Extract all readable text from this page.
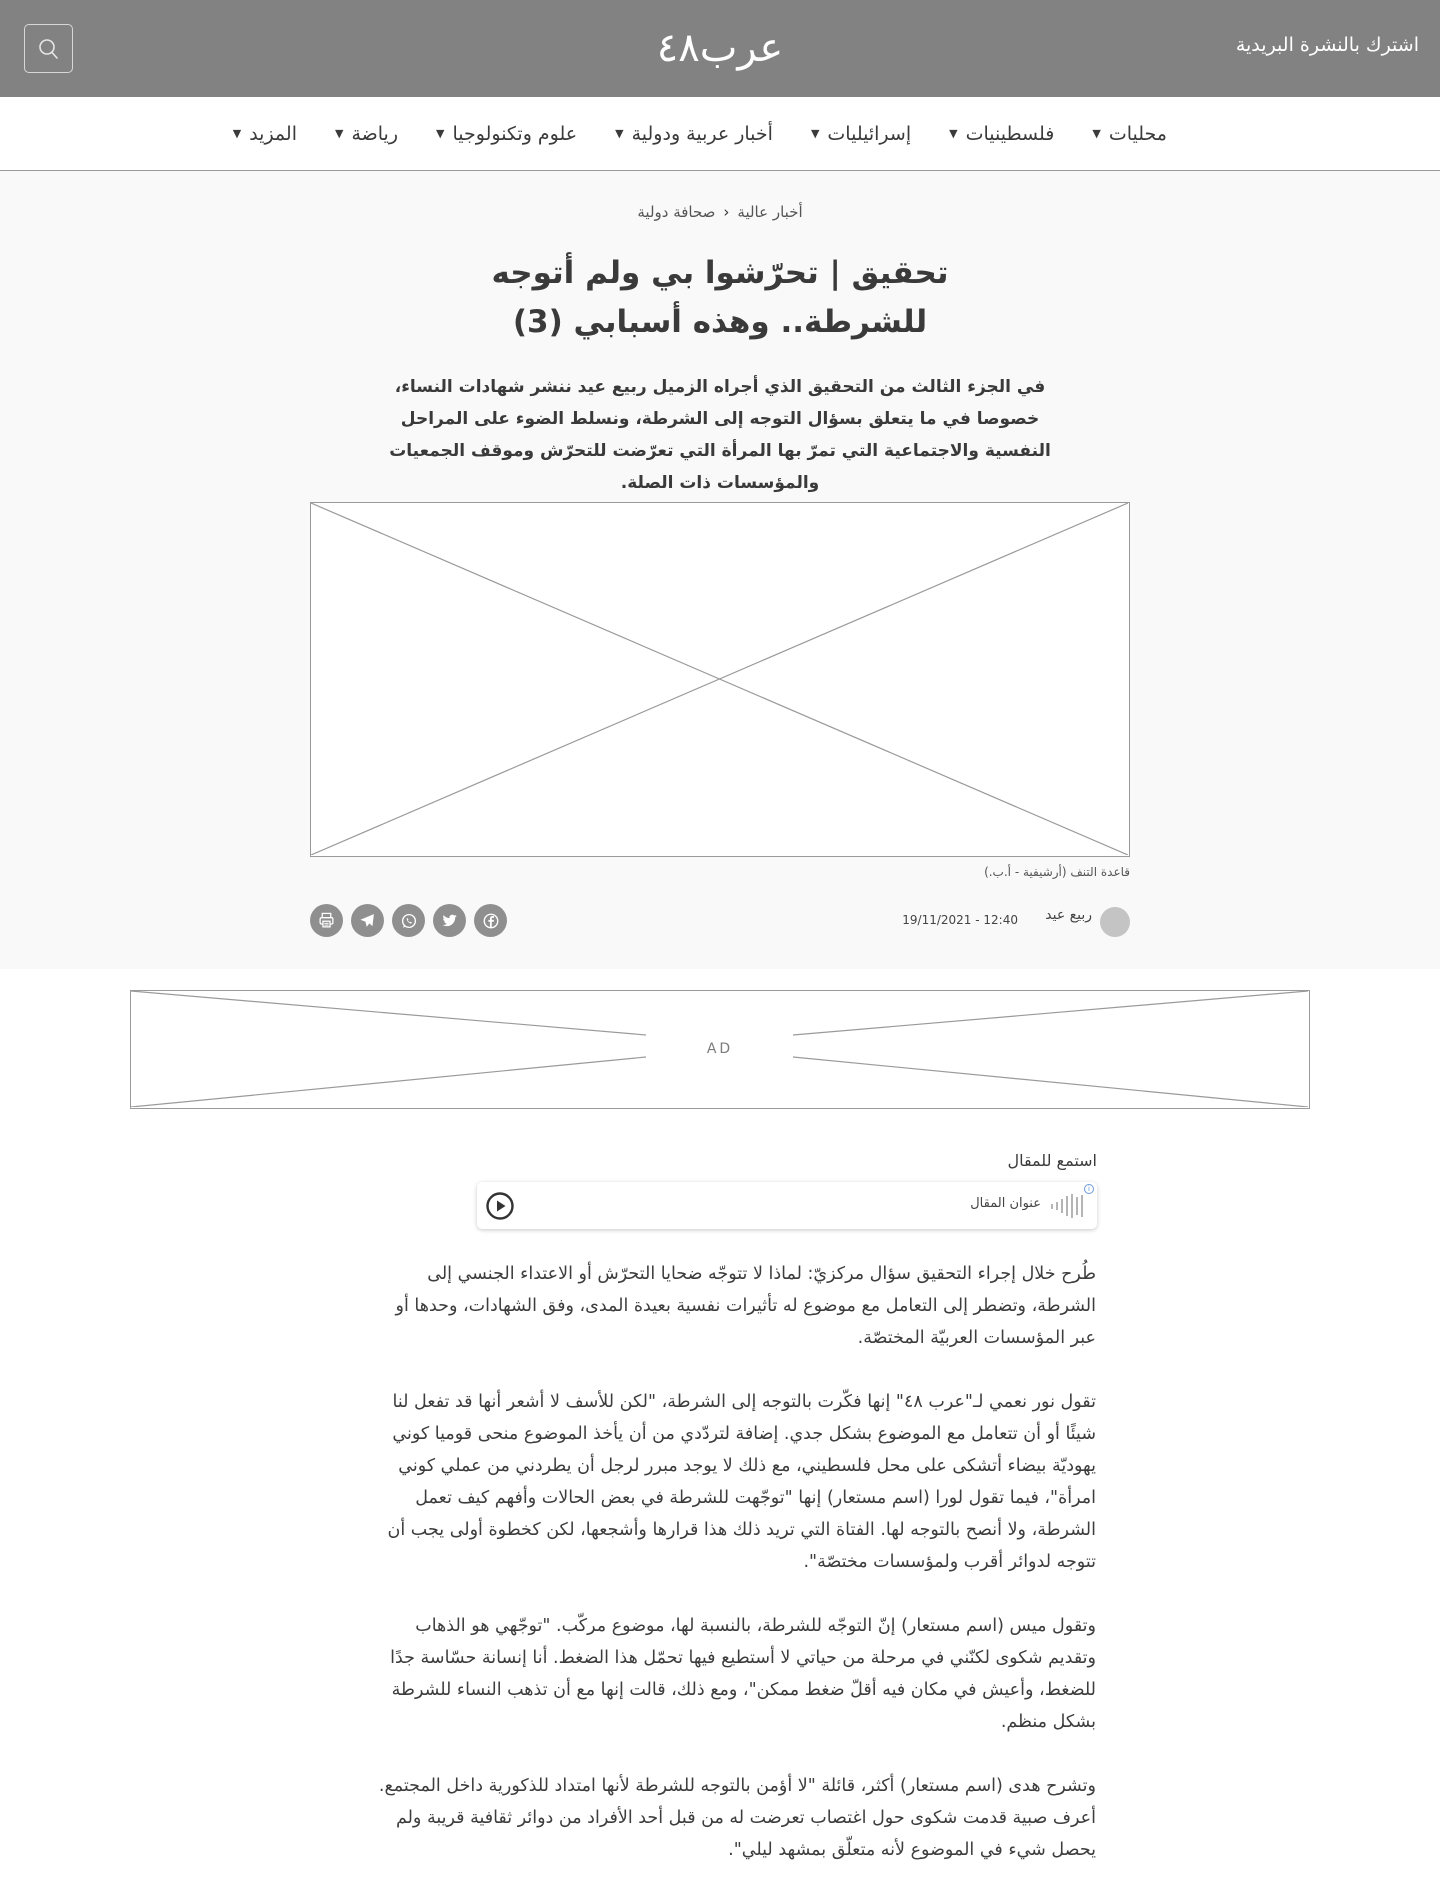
اشترك بالنشرة البريدية
عرب٤٨
محليات
▼
فلسطينيات
▼
إسرائيليات
▼
أخبار عربية ودولية
▼
علوم وتكنولوجيا
▼
رياضة
▼
المزيد
▼
أخبار عالية
‹
صحافة دولية
تحقيق | تحرّشوا بي ولم أتوجه للشرطة.. وهذه أسبابي (3)

في الجزء الثالث من التحقيق الذي أجراه الزميل ربيع عيد ننشر شهادات النساء، خصوصا في ما يتعلق بسؤال التوجه إلى الشرطة، ونسلط الضوء على المراحل النفسية والاجتماعية التي تمرّ بها المرأة التي تعرّضت للتحرّش وموقف الجمعيات والمؤسسات ذات الصلة.

قاعدة التنف (أرشيفية - أ.ب.)
ربيع عيد
19/11/2021 - 12:40
AD
استمع للمقال
i
عنوان المقال

طُرح خلال إجراء التحقيق سؤال مركزيّ: لماذا لا تتوجّه ضحايا التحرّش أو الاعتداء الجنسي إلى الشرطة، وتضطر إلى التعامل مع موضوع له تأثيرات نفسية بعيدة المدى، وفق الشهادات، وحدها أو عبر المؤسسات العربيّة المختصّة.

تقول نور نعمي لـ"عرب ٤٨" إنها فكّرت بالتوجه إلى الشرطة، "لكن للأسف لا أشعر أنها قد تفعل لنا شيئًا أو أن تتعامل مع الموضوع بشكل جدي. إضافة لتردّدي من أن يأخذ الموضوع منحى قوميا كوني يهوديّة بيضاء أتشكى على محل فلسطيني، مع ذلك لا يوجد مبرر لرجل أن يطردني من عملي كوني امرأة"، فيما تقول لورا (اسم مستعار) إنها "توجّهت للشرطة في بعض الحالات وأفهم كيف تعمل الشرطة، ولا أنصح بالتوجه لها. الفتاة التي تريد ذلك هذا قرارها وأشجعها، لكن كخطوة أولى يجب أن تتوجه لدوائر أقرب ولمؤسسات مختصّة".

وتقول ميس (اسم مستعار) إنّ التوجّه للشرطة، بالنسبة لها، موضوع مركّب. "توجّهي هو الذهاب وتقديم شكوى لكنّني في مرحلة من حياتي لا أستطيع فيها تحمّل هذا الضغط. أنا إنسانة حسّاسة جدًا للضغط، وأعيش في مكان فيه أقلّ ضغط ممكن"، ومع ذلك، قالت إنها مع أن تذهب النساء للشرطة بشكل منظم.

وتشرح هدى (اسم مستعار) أكثر، قائلة "لا أؤمن بالتوجه للشرطة لأنها امتداد للذكورية داخل المجتمع. أعرف صبية قدمت شكوى حول اغتصاب تعرضت له من قبل أحد الأفراد من دوائر ثقافية قريبة ولم يحصل شيء في الموضوع لأنه متعلّق بمشهد ليلي".
